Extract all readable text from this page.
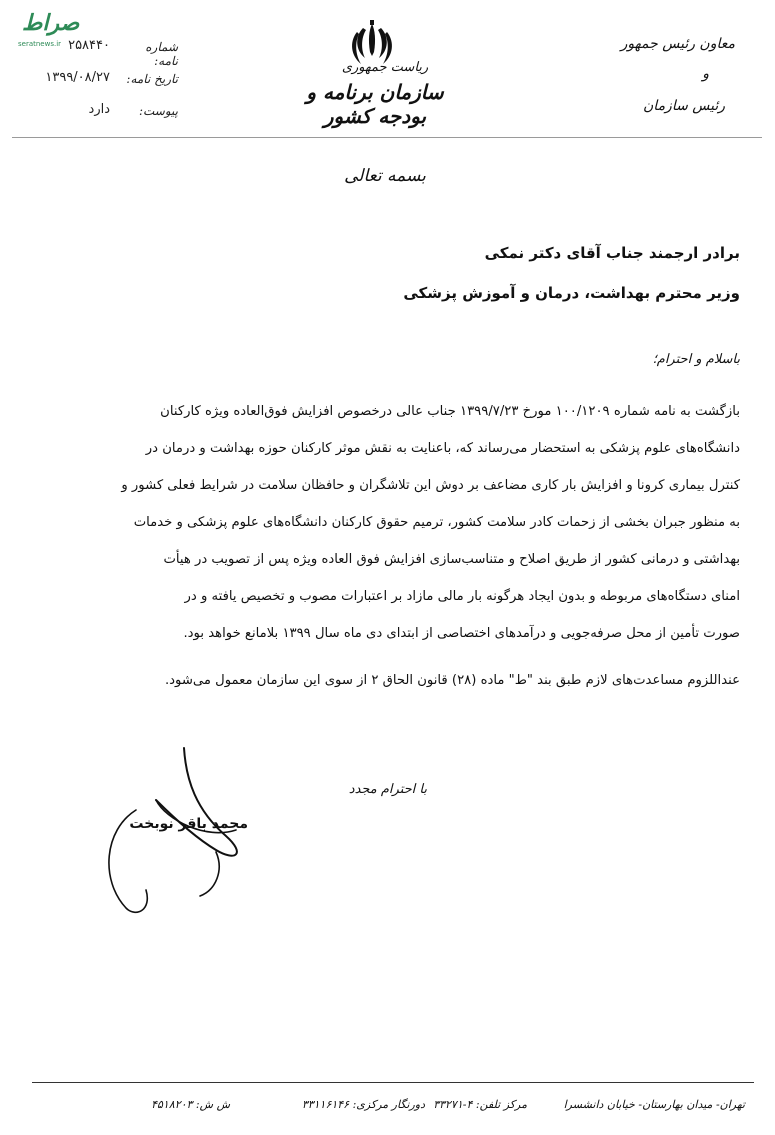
صراط
seratnews.ir	شماره نامه:
۲۵۸۴۴۰
تاریخ نامه:
۱۳۹۹/۰۸/۲۷
پیوست:
دارد
ریاست جمهوری
سازمان برنامه و بودجه کشور
معاون رئیس جمهور
و
رئیس سازمان
بسمه تعالی
برادر ارجمند جناب آقای دکتر نمکی
وزیر محترم بهداشت، درمان و آموزش پزشکی
باسلام و احترام؛
بازگشت به نامه شماره ۱۰۰/۱۲۰۹ مورخ ۱۳۹۹/۷/۲۳ جناب عالی درخصوص افزایش فوق‌العاده ویژه کارکنان
دانشگاه‌های علوم پزشکی به استحضار می‌رساند که، باعنایت به نقش موثر کارکنان حوزه بهداشت و درمان در
کنترل بیماری کرونا و افزایش بار کاری مضاعف بر دوش این تلاشگران و حافظان سلامت در شرایط فعلی کشور و
به منظور جبران بخشی از زحمات کادر سلامت کشور، ترمیم حقوق کارکنان دانشگاه‌های علوم پزشکی و خدمات
بهداشتی و درمانی کشور از طریق اصلاح و متناسب‌سازی افزایش فوق العاده ویژه پس از تصویب در هیأت
امنای دستگاه‌های مربوطه و بدون ایجاد هرگونه بار مالی مازاد بر اعتبارات مصوب و تخصیص یافته و در
صورت تأمین از محل صرفه‌جویی و درآمدهای اختصاصی از ابتدای دی ماه سال ۱۳۹۹ بلامانع خواهد بود.
عنداللزوم مساعدت‌های لازم طبق بند "ط" ماده (۲۸) قانون الحاق ۲ از سوی این سازمان معمول می‌شود.
با احترام مجدد
محمد باقر نوبخت
تهران- میدان بهارستان- خیابان دانشسرا
مرکز تلفن: ۴-۳۳۲۷۱
دورنگار مرکزی: ۳۳۱۱۶۱۴۶
ش ش: ۴۵۱۸۲۰۳
